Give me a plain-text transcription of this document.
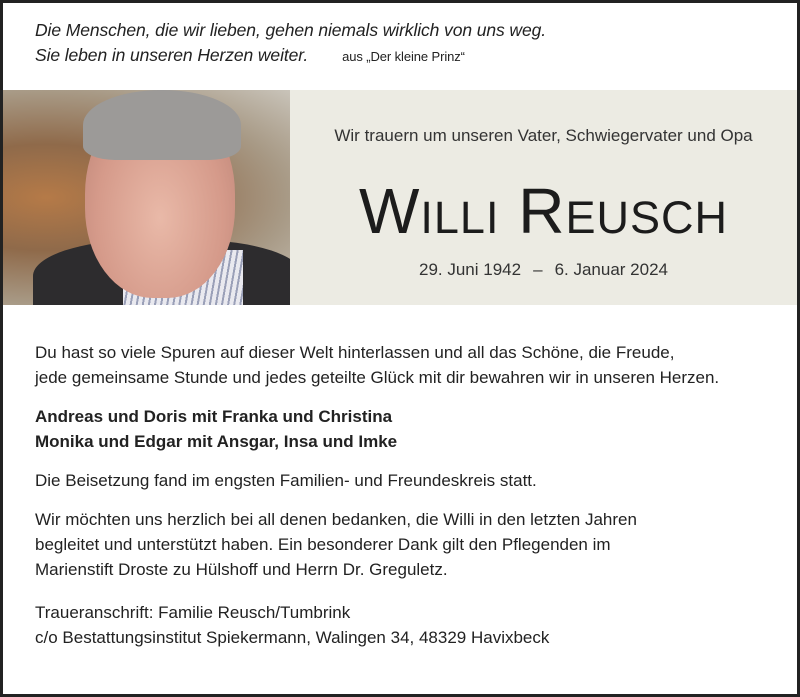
Die Menschen, die wir lieben, gehen niemals wirklich von uns weg.
Sie leben in unseren Herzen weiter.	aus „Der kleine Prinz“
Wir trauern um unseren Vater, Schwiegervater und Opa
Willi Reusch
29. Juni 1942 – 6. Januar 2024

Du hast so viele Spuren auf dieser Welt hinterlassen und all das Schöne, die Freude,

jede gemeinsame Stunde und jedes geteilte Glück mit dir bewahren wir in unseren Herzen.

Andreas und Doris mit Franka und Christina

Monika und Edgar mit Ansgar, Insa und Imke

Die Beisetzung fand im engsten Familien- und Freundeskreis statt.

Wir möchten uns herzlich bei all denen bedanken, die Willi in den letzten Jahren

begleitet und unterstützt haben. Ein besonderer Dank gilt den Pflegenden im

Marienstift Droste zu Hülshoff und Herrn Dr. Greguletz.

Traueranschrift: Familie Reusch/Tumbrink

c/o Bestattungsinstitut Spiekermann, Walingen 34, 48329 Havixbeck
